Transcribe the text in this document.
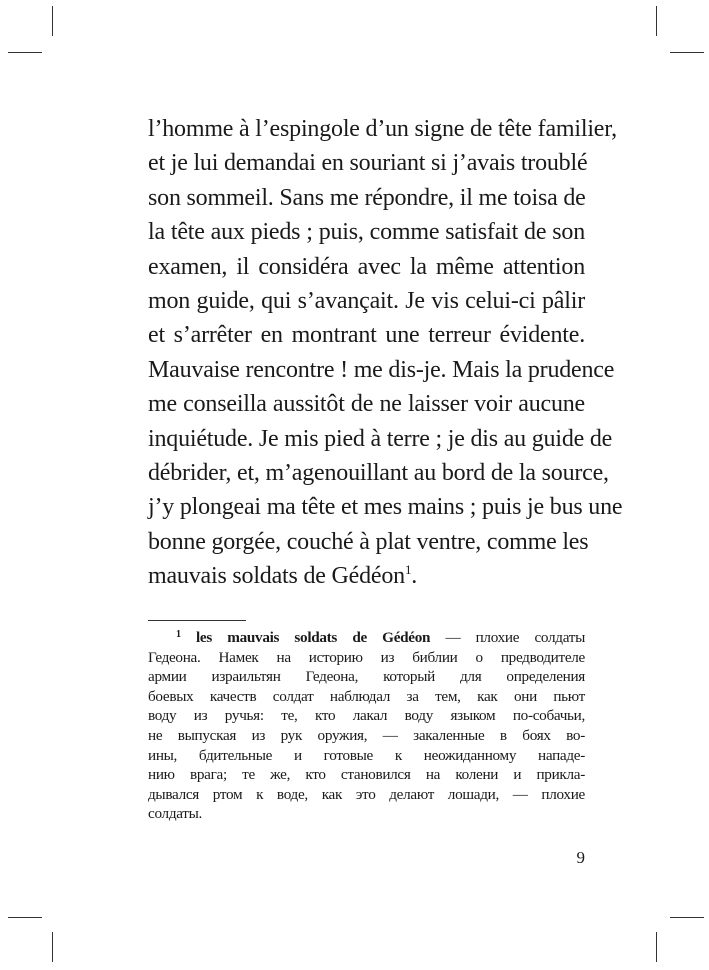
l’homme à l’espingole d’un signe de tête familier,
et je lui demandai en souriant si j’avais troublé
son sommeil. Sans me répondre, il me toisa de
la tête aux pieds ; puis, comme satisfait de son
examen, il considéra avec la même attention
mon guide, qui s’avançait. Je vis celui-ci pâlir
et s’arrêter en montrant une terreur évidente.
Mauvaise rencontre ! me dis-je. Mais la prudence
me conseilla aussitôt de ne laisser voir aucune
inquiétude. Je mis pied à terre ; je dis au guide de
débrider, et, m’agenouillant au bord de la source,
j’y plongeai ma tête et mes mains ; puis je bus une
bonne gorgée, couché à plat ventre, comme les
mauvais soldats de Gédéon$^1$.
$^1$ les mauvais soldats de Gédéon — плохие солдаты
Гедеона. Намек на историю из библии о предводителе
армии израильтян Гедеона, который для определения
боевых качеств солдат наблюдал за тем, как они пьют
воду из ручья: те, кто лакал воду языком по-собачьи,
не выпуская из рук оружия, — закаленные в боях во-
ины, бдительные и готовые к неожиданному нападе-
нию врага; те же, кто становился на колени и прикла-
дывался ртом к воде, как это делают лошади, — плохие
солдаты.
9
